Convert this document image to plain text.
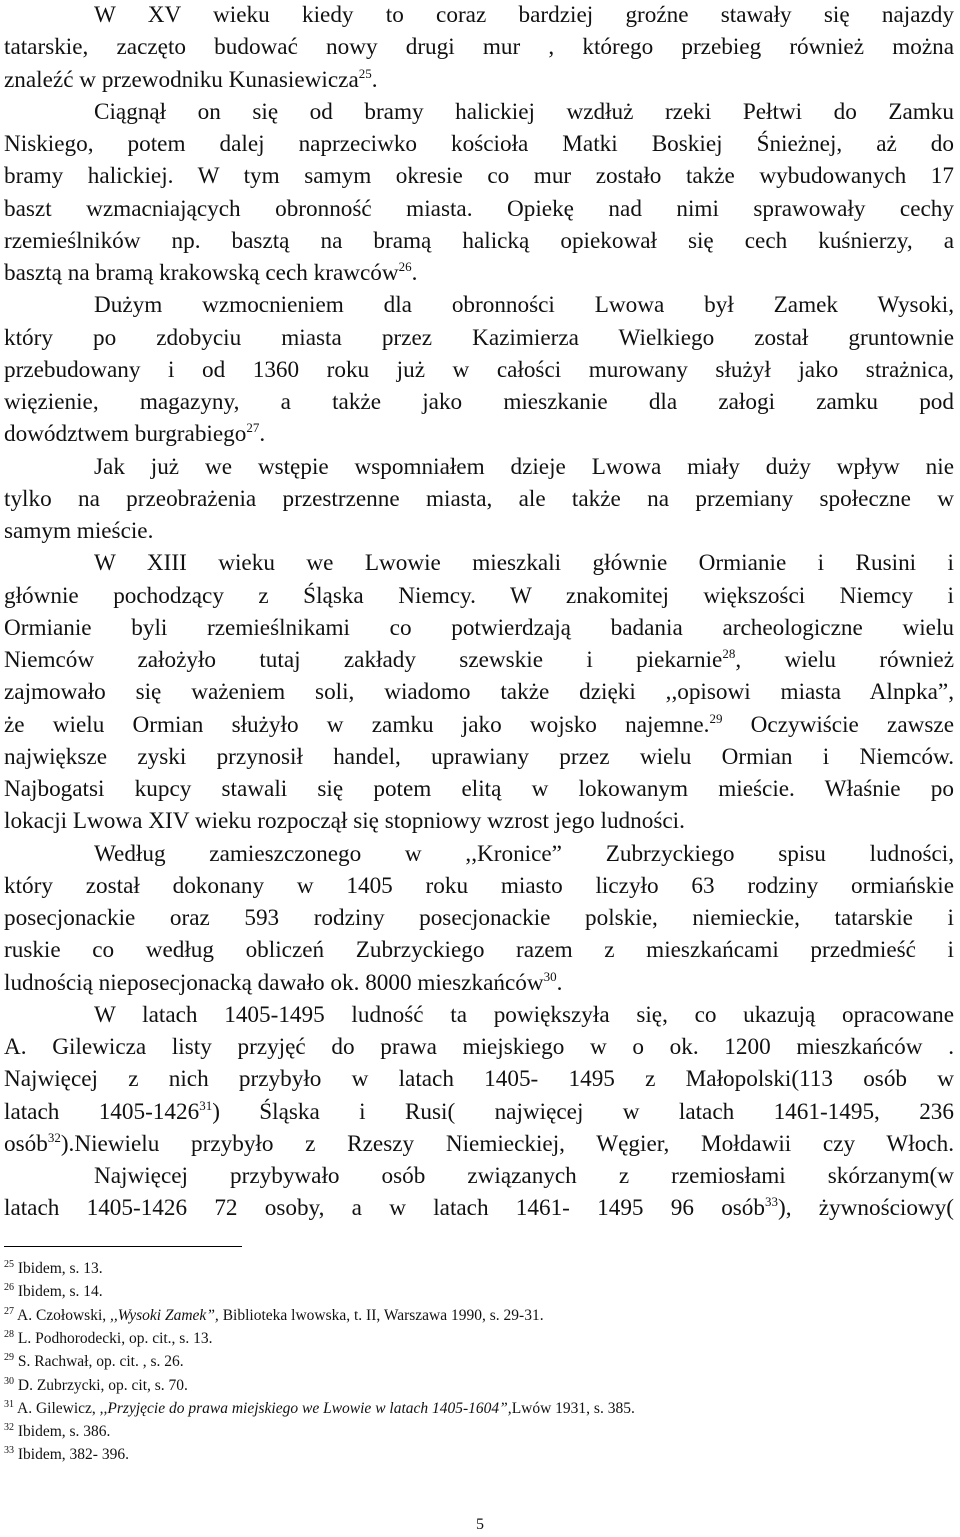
W XV wieku kiedy to coraz bardziej groźne stawały się najazdy
tatarskie, zaczęto budować nowy drugi mur , którego przebieg również można
znaleźć w przewodniku Kunasiewicza$^{25}$.
Ciągnął on się od bramy halickiej wzdłuż rzeki Pełtwi do Zamku
Niskiego, potem dalej naprzeciwko kościoła Matki Boskiej Śnieżnej, aż do
bramy halickiej. W tym samym okresie co mur zostało także wybudowanych 17
baszt wzmacniających obronność miasta. Opiekę nad nimi sprawowały cechy
rzemieślników np. basztą na bramą halicką opiekował się cech kuśnierzy, a
basztą na bramą krakowską cech krawców$^{26}$.
Dużym wzmocnieniem dla obronności Lwowa był Zamek Wysoki,
który po zdobyciu miasta przez Kazimierza Wielkiego został gruntownie
przebudowany i od 1360 roku już w całości murowany służył jako strażnica,
więzienie, magazyny, a także jako mieszkanie dla załogi zamku pod
dowództwem burgrabiego$^{27}$.
Jak już we wstępie wspomniałem dzieje Lwowa miały duży wpływ nie
tylko na przeobrażenia przestrzenne miasta, ale także na przemiany społeczne w
samym mieście.
W XIII wieku we Lwowie mieszkali głównie Ormianie i Rusini i
głównie pochodzący z Śląska Niemcy. W znakomitej większości Niemcy i
Ormianie byli rzemieślnikami co potwierdzają badania archeologiczne wielu
Niemców założyło tutaj zakłady szewskie i piekarnie$^{28}$, wielu również
zajmowało się ważeniem soli, wiadomo także dzięki ,,opisowi miasta Alnpka”,
że wielu Ormian służyło w zamku jako wojsko najemne.$^{29}$ Oczywiście zawsze
największe zyski przynosił handel, uprawiany przez wielu Ormian i Niemców.
Najbogatsi kupcy stawali się potem elitą w lokowanym mieście. Właśnie po
lokacji Lwowa XIV wieku rozpoczął się stopniowy wzrost jego ludności.
Według zamieszczonego w ,,Kronice” Zubrzyckiego spisu ludności,
który został dokonany w 1405 roku miasto liczyło 63 rodziny ormiańskie
posecjonackie oraz 593 rodziny posecjonackie polskie, niemieckie, tatarskie i
ruskie co według obliczeń Zubrzyckiego razem z mieszkańcami przedmieść i
ludnością nieposecjonacką dawało ok. 8000 mieszkańców$^{30}$.
W latach 1405-1495 ludność ta powiększyła się, co ukazują opracowane
A. Gilewicza listy przyjęć do prawa miejskiego w o ok. 1200 mieszkańców .
Najwięcej z nich przybyło w latach 1405- 1495 z Małopolski(113 osób w
latach 1405-1426$^{31}$) Śląska i Rusi( najwięcej w latach 1461-1495, 236
osób$^{32}$).Niewielu przybyło z Rzeszy Niemieckiej, Węgier, Mołdawii czy Włoch.
Najwięcej przybywało osób związanych z rzemiosłami skórzanym(w
latach 1405-1426 72 osoby, a w latach 1461- 1495 96 osób$^{33}$), żywnościowy(
$^{25}$ Ibidem, s. 13.
$^{26}$ Ibidem, s. 14.
$^{27}$ A. Czołowski, ,,Wysoki Zamek”, Biblioteka lwowska, t. II, Warszawa 1990, s. 29-31.
$^{28}$ L. Podhorodecki, op. cit., s. 13.
$^{29}$ S. Rachwał, op. cit. , s. 26.
$^{30}$ D. Zubrzycki, op. cit, s. 70.
$^{31}$ A. Gilewicz, ,,Przyjęcie do prawa miejskiego we Lwowie w latach 1405-1604”,Lwów 1931, s. 385.
$^{32}$ Ibidem, s. 386.
$^{33}$ Ibidem, 382- 396.
5
